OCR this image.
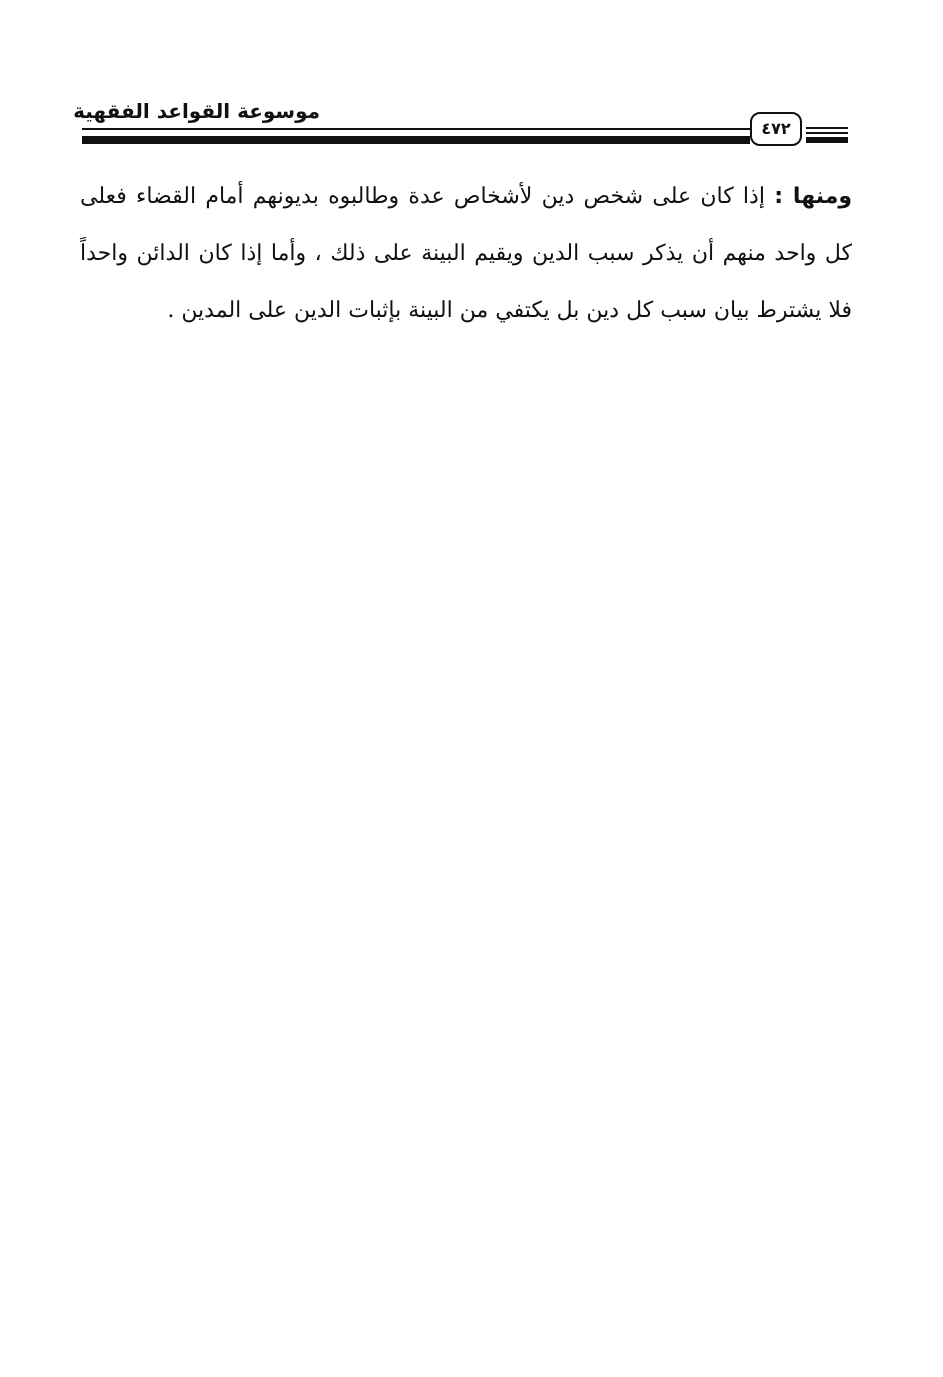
موسوعة القواعد الفقهية
٤٧٢

ومنها : إذا كان على شخص دين لأشخاص عدة وطالبوه بديونهم أمام القضاء فعلى كل واحد منهم أن يذكر سبب الدين ويقيم البينة على ذلك ، وأما إذا كان الدائن واحداً فلا يشترط بيان سبب كل دين بل يكتفي من البينة بإثبات الدين على المدين .
